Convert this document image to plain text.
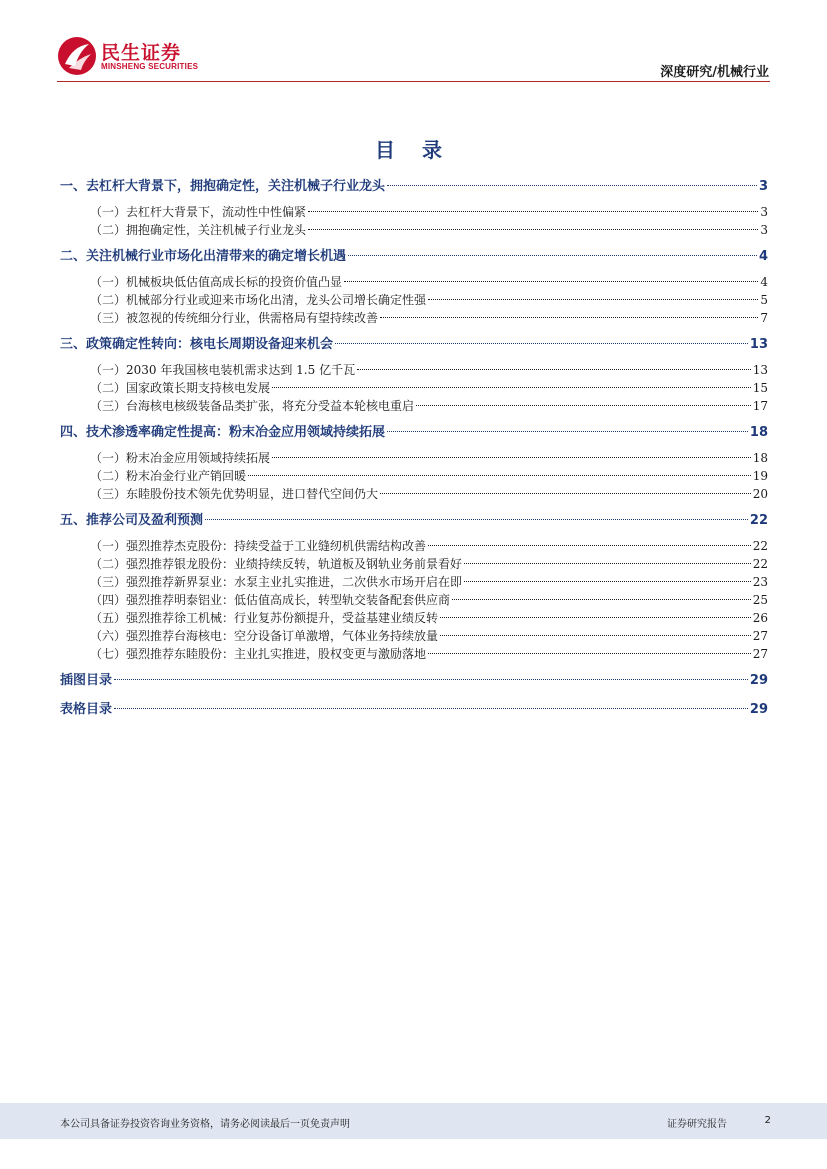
民生证券
MINSHENG SECURITIES	深度研究/机械行业
目 录
一、去杠杆大背景下，拥抱确定性，关注机械子行业龙头	3
（一）去杠杆大背景下，流动性中性偏紧	3
（二）拥抱确定性，关注机械子行业龙头	3
二、关注机械行业市场化出清带来的确定增长机遇	4
（一）机械板块低估值高成长标的投资价值凸显	4
（二）机械部分行业或迎来市场化出清，龙头公司增长确定性强	5
（三）被忽视的传统细分行业，供需格局有望持续改善	7
三、政策确定性转向：核电长周期设备迎来机会	13
（一）2030 年我国核电装机需求达到 1.5 亿千瓦	13
（二）国家政策长期支持核电发展	15
（三）台海核电核级装备品类扩张，将充分受益本轮核电重启	17
四、技术渗透率确定性提高：粉末冶金应用领域持续拓展	18
（一）粉末冶金应用领域持续拓展	18
（二）粉末冶金行业产销回暖	19
（三）东睦股份技术领先优势明显，进口替代空间仍大	20
五、推荐公司及盈利预测	22
（一）强烈推荐杰克股份：持续受益于工业缝纫机供需结构改善	22
（二）强烈推荐银龙股份：业绩持续反转，轨道板及钢轨业务前景看好	22
（三）强烈推荐新界泵业：水泵主业扎实推进，二次供水市场开启在即	23
（四）强烈推荐明泰铝业：低估值高成长，转型轨交装备配套供应商	25
（五）强烈推荐徐工机械：行业复苏份额提升，受益基建业绩反转	26
（六）强烈推荐台海核电：空分设备订单激增，气体业务持续放量	27
（七）强烈推荐东睦股份：主业扎实推进，股权变更与激励落地	27
插图目录	29
表格目录	29
本公司具备证券投资咨询业务资格，请务必阅读最后一页免责声明	证券研究报告	2
